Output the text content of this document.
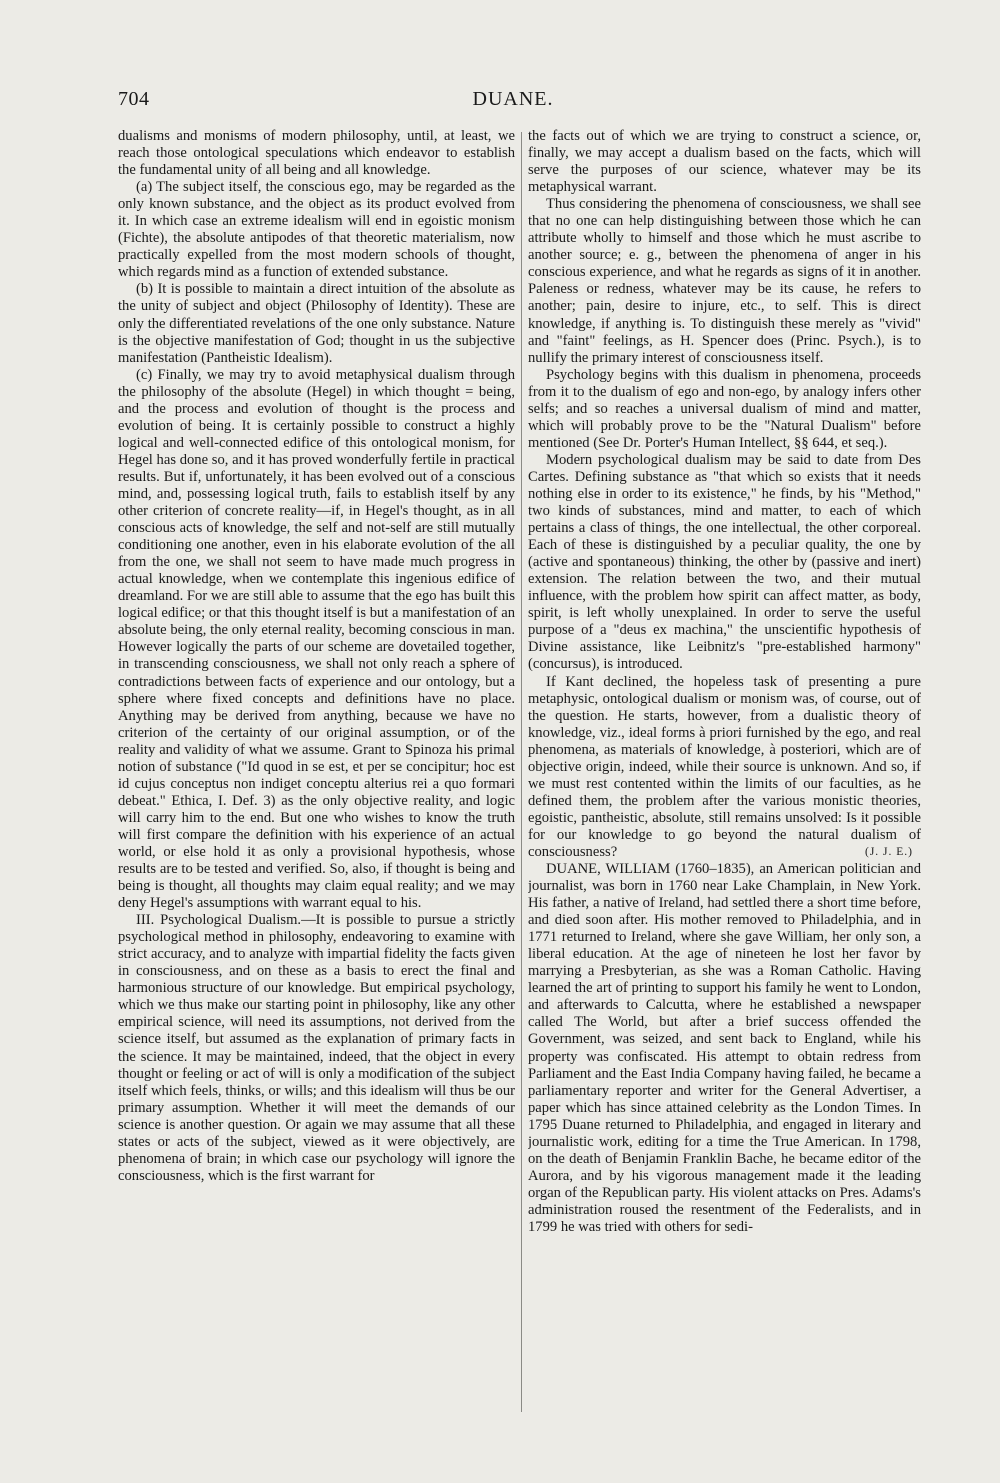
704	DUANE.

dualisms and monisms of modern philosophy, until, at least, we reach those ontological speculations which endeavor to establish the fundamental unity of all being and all knowledge.

(a) The subject itself, the conscious ego, may be regarded as the only known substance, and the object as its product evolved from it. In which case an extreme idealism will end in egoistic monism (Fichte), the absolute antipodes of that theoretic materialism, now practically expelled from the most modern schools of thought, which regards mind as a function of extended substance.

(b) It is possible to maintain a direct intuition of the absolute as the unity of subject and object (Philosophy of Identity). These are only the differentiated revelations of the one only substance. Nature is the objective manifestation of God; thought in us the subjective manifestation (Pantheistic Idealism).

(c) Finally, we may try to avoid metaphysical dualism through the philosophy of the absolute (Hegel) in which thought = being, and the process and evolution of thought is the process and evolution of being. It is certainly possible to construct a highly logical and well-connected edifice of this ontological monism, for Hegel has done so, and it has proved wonderfully fertile in practical results. But if, unfortunately, it has been evolved out of a conscious mind, and, possessing logical truth, fails to establish itself by any other criterion of concrete reality—if, in Hegel's thought, as in all conscious acts of knowledge, the self and not-self are still mutually conditioning one another, even in his elaborate evolution of the all from the one, we shall not seem to have made much progress in actual knowledge, when we contemplate this ingenious edifice of dreamland. For we are still able to assume that the ego has built this logical edifice; or that this thought itself is but a manifestation of an absolute being, the only eternal reality, becoming conscious in man. However logically the parts of our scheme are dovetailed together, in transcending consciousness, we shall not only reach a sphere of contradictions between facts of experience and our ontology, but a sphere where fixed concepts and definitions have no place. Anything may be derived from anything, because we have no criterion of the certainty of our original assumption, or of the reality and validity of what we assume. Grant to Spinoza his primal notion of substance ("Id quod in se est, et per se concipitur; hoc est id cujus conceptus non indiget conceptu alterius rei a quo formari debeat." Ethica, I. Def. 3) as the only objective reality, and logic will carry him to the end. But one who wishes to know the truth will first compare the definition with his experience of an actual world, or else hold it as only a provisional hypothesis, whose results are to be tested and verified. So, also, if thought is being and being is thought, all thoughts may claim equal reality; and we may deny Hegel's assumptions with warrant equal to his.

III. Psychological Dualism.—It is possible to pursue a strictly psychological method in philosophy, endeavoring to examine with strict accuracy, and to analyze with impartial fidelity the facts given in consciousness, and on these as a basis to erect the final and harmonious structure of our knowledge. But empirical psychology, which we thus make our starting point in philosophy, like any other empirical science, will need its assumptions, not derived from the science itself, but assumed as the explanation of primary facts in the science. It may be maintained, indeed, that the object in every thought or feeling or act of will is only a modification of the subject itself which feels, thinks, or wills; and this idealism will thus be our primary assumption. Whether it will meet the demands of our science is another question. Or again we may assume that all these states or acts of the subject, viewed as it were objectively, are phenomena of brain; in which case our psychology will ignore the consciousness, which is the first warrant for

the facts out of which we are trying to construct a science, or, finally, we may accept a dualism based on the facts, which will serve the purposes of our science, whatever may be its metaphysical warrant.

Thus considering the phenomena of consciousness, we shall see that no one can help distinguishing between those which he can attribute wholly to himself and those which he must ascribe to another source; e. g., between the phenomena of anger in his conscious experience, and what he regards as signs of it in another. Paleness or redness, whatever may be its cause, he refers to another; pain, desire to injure, etc., to self. This is direct knowledge, if anything is. To distinguish these merely as "vivid" and "faint" feelings, as H. Spencer does (Princ. Psych.), is to nullify the primary interest of consciousness itself.

Psychology begins with this dualism in phenomena, proceeds from it to the dualism of ego and non-ego, by analogy infers other selfs; and so reaches a universal dualism of mind and matter, which will probably prove to be the "Natural Dualism" before mentioned (See Dr. Porter's Human Intellect, §§ 644, et seq.).

Modern psychological dualism may be said to date from Des Cartes. Defining substance as "that which so exists that it needs nothing else in order to its existence," he finds, by his "Method," two kinds of substances, mind and matter, to each of which pertains a class of things, the one intellectual, the other corporeal. Each of these is distinguished by a peculiar quality, the one by (active and spontaneous) thinking, the other by (passive and inert) extension. The relation between the two, and their mutual influence, with the problem how spirit can affect matter, as body, spirit, is left wholly unexplained. In order to serve the useful purpose of a "deus ex machina," the unscientific hypothesis of Divine assistance, like Leibnitz's "pre-established harmony" (concursus), is introduced.

If Kant declined, the hopeless task of presenting a pure metaphysic, ontological dualism or monism was, of course, out of the question. He starts, however, from a dualistic theory of knowledge, viz., ideal forms à priori furnished by the ego, and real phenomena, as materials of knowledge, à posteriori, which are of objective origin, indeed, while their source is unknown. And so, if we must rest contented within the limits of our faculties, as he defined them, the problem after the various monistic theories, egoistic, pantheistic, absolute, still remains unsolved: Is it possible for our knowledge to go beyond the natural dualism of consciousness?	(J. J. E.)

DUANE, WILLIAM (1760–1835), an American politician and journalist, was born in 1760 near Lake Champlain, in New York. His father, a native of Ireland, had settled there a short time before, and died soon after. His mother removed to Philadelphia, and in 1771 returned to Ireland, where she gave William, her only son, a liberal education. At the age of nineteen he lost her favor by marrying a Presbyterian, as she was a Roman Catholic. Having learned the art of printing to support his family he went to London, and afterwards to Calcutta, where he established a newspaper called The World, but after a brief success offended the Government, was seized, and sent back to England, while his property was confiscated. His attempt to obtain redress from Parliament and the East India Company having failed, he became a parliamentary reporter and writer for the General Advertiser, a paper which has since attained celebrity as the London Times. In 1795 Duane returned to Philadelphia, and engaged in literary and journalistic work, editing for a time the True American. In 1798, on the death of Benjamin Franklin Bache, he became editor of the Aurora, and by his vigorous management made it the leading organ of the Republican party. His violent attacks on Pres. Adams's administration roused the resentment of the Federalists, and in 1799 he was tried with others for sedi-
